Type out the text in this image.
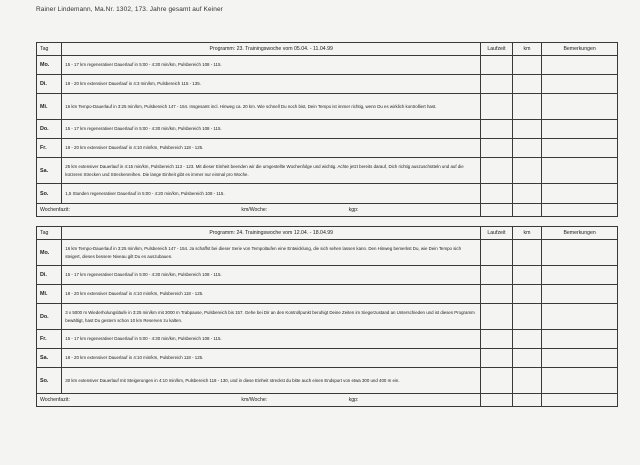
Rainer Lindemann, Ma.Nr. 1302, 173. Jahre gesamt auf Keiner
Tag	Programm: 23. Trainingswoche vom 05.04. - 11.04.99	Laufzeit	km	Bemerkungen
Mo.	15 - 17 km regenerativer Dauerlauf in 5:00 - 4:30 min/km, Pulsbereich 108 - 115.			
Di.	18 - 20 km extensiver Dauerlauf in 4:3 min/km, Pulsbereich 115 - 135.			
Mi.	16 km Tempo-Dauerlauf in 3:25 min/km, Pulsbereich 147 - 154. Insgesamt incl. Hinweg ca. 20 km. Wie schnell Du noch bist, Dein Tempo ist immer richtig, wenn Du es wirklich kontrolliert hast.			
Do.	15 - 17 km regenerativer Dauerlauf in 5:00 - 4:30 min/km, Pulsbereich 108 - 115.			
Fr.	18 - 20 km extensiver Dauerlauf in 4:10 min/km, Pulsbereich 118 - 125.			
Sa.	25 km extensiver Dauerlauf in 4:15 min/km, Pulsbereich 113 - 123. Mit dieser Einheit beenden wir die umgestellte Wochenfolge und wichtig. Achte jetzt bereits darauf, Dich richtig auszuschütteln und auf die kürzeren Strecken und Streckenreihen. Die lange Einheit gibt es immer nur einmal pro Woche.			
So.	1,5 Stunden regenerativer Dauerlauf in 5:00 - 4:20 min/km, Pulsbereich 108 - 115.			
Wochenfazit: km/Woche: kgp:				
Tag	Programm: 24. Trainingswoche vom 12.04. - 18.04.99	Laufzeit	km	Bemerkungen
Mo.	16 km Tempo-Dauerlauf in 3:25 min/km, Pulsbereich 147 - 154. Ja schaffst bei dieser Serie von Tempoläufen eine Entwicklung, die sich sehen lassen kann. Den Hinweg bemerkst Du, wie Dein Tempo sich steigert, dieses bessere Niveau gilt Du es auszubauen.			
Di.	15 - 17 km regenerativer Dauerlauf in 5:00 - 4:30 min/km, Pulsbereich 108 - 115.			
Mi.	18 - 20 km extensiver Dauerlauf in 4:10 min/km, Pulsbereich 118 - 125.			
Do.	3 x 5000 m Wiederholungsläufe in 3:25 min/km mit 3000 m Trabpause, Pulsbereich bis 157. Gehe bei Dir an den Kontrollpunkt beruhigt Deine Zeiten im Siegerzustand an Unterschieden und ist dieses Programm bewältigt, hast Du gestern schon 10 km Reserven zu kalten.			
Fr.	15 - 17 km regenerativer Dauerlauf in 5:00 - 4:30 min/km, Pulsbereich 108 - 115.			
Sa.	18 - 20 km extensiver Dauerlauf in 4:10 min/km, Pulsbereich 118 - 125.			
So.	30 km extensiver Dauerlauf mit Steigerungen in 4:10 min/km, Pulsbereich 118 - 130, und in diese Einheit streckst du bitte auch einen Endspurt von etwa 300 und 400 m ein.			
Wochenfazit: km/Woche: kgp:				
